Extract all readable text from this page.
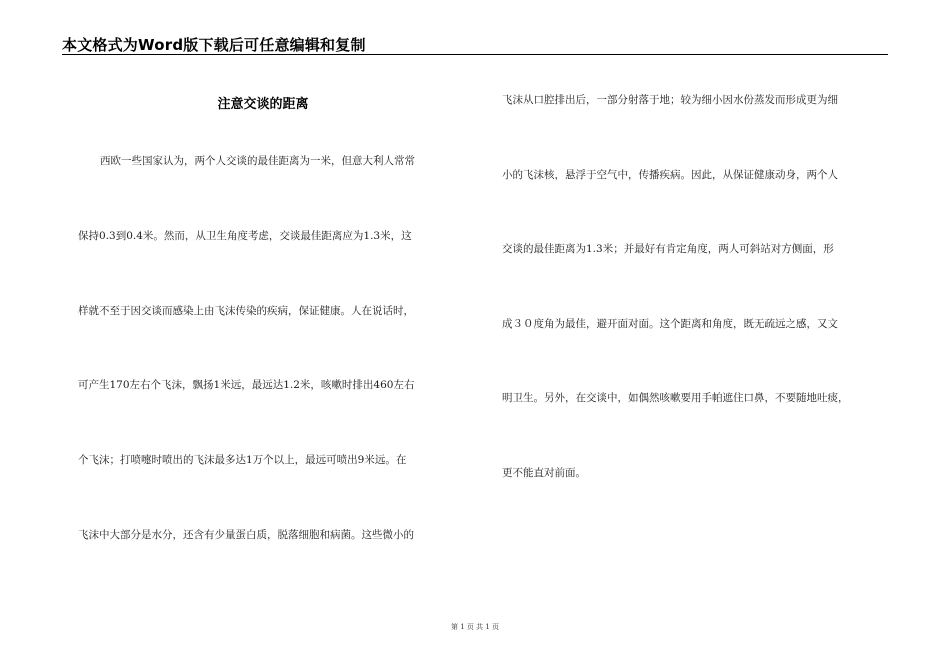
本文格式为Word版下载后可任意编辑和复制
注意交谈的距离
西欧一些国家认为，两个人交谈的最佳距离为一米，但意大利人常常
保持0.3到0.4米。然而，从卫生角度考虑，交谈最佳距离应为1.3米，这
样就不至于因交谈而感染上由飞沫传染的疾病，保证健康。人在说话时，
可产生170左右个飞沫，飘扬1米远，最远达1.2米，咳嗽时排出460左右
个飞沫；打喷嚏时喷出的飞沫最多达1万个以上，最远可喷出9米远。在
飞沫中大部分是水分，还含有少量蛋白质，脱落细胞和病菌。这些微小的
飞沫从口腔排出后，一部分射落于地；较为细小因水份蒸发而形成更为细
小的飞沫核，悬浮于空气中，传播疾病。因此，从保证健康动身，两个人
交谈的最佳距离为1.3米；并最好有肯定角度，两人可斜站对方侧面，形
成３０度角为最佳，避开面对面。这个距离和角度，既无疏远之感，又文
明卫生。另外，在交谈中，如偶然咳嗽要用手帕遮住口鼻，不要随地吐痰，
更不能直对前面。
第 1 页 共 1 页
